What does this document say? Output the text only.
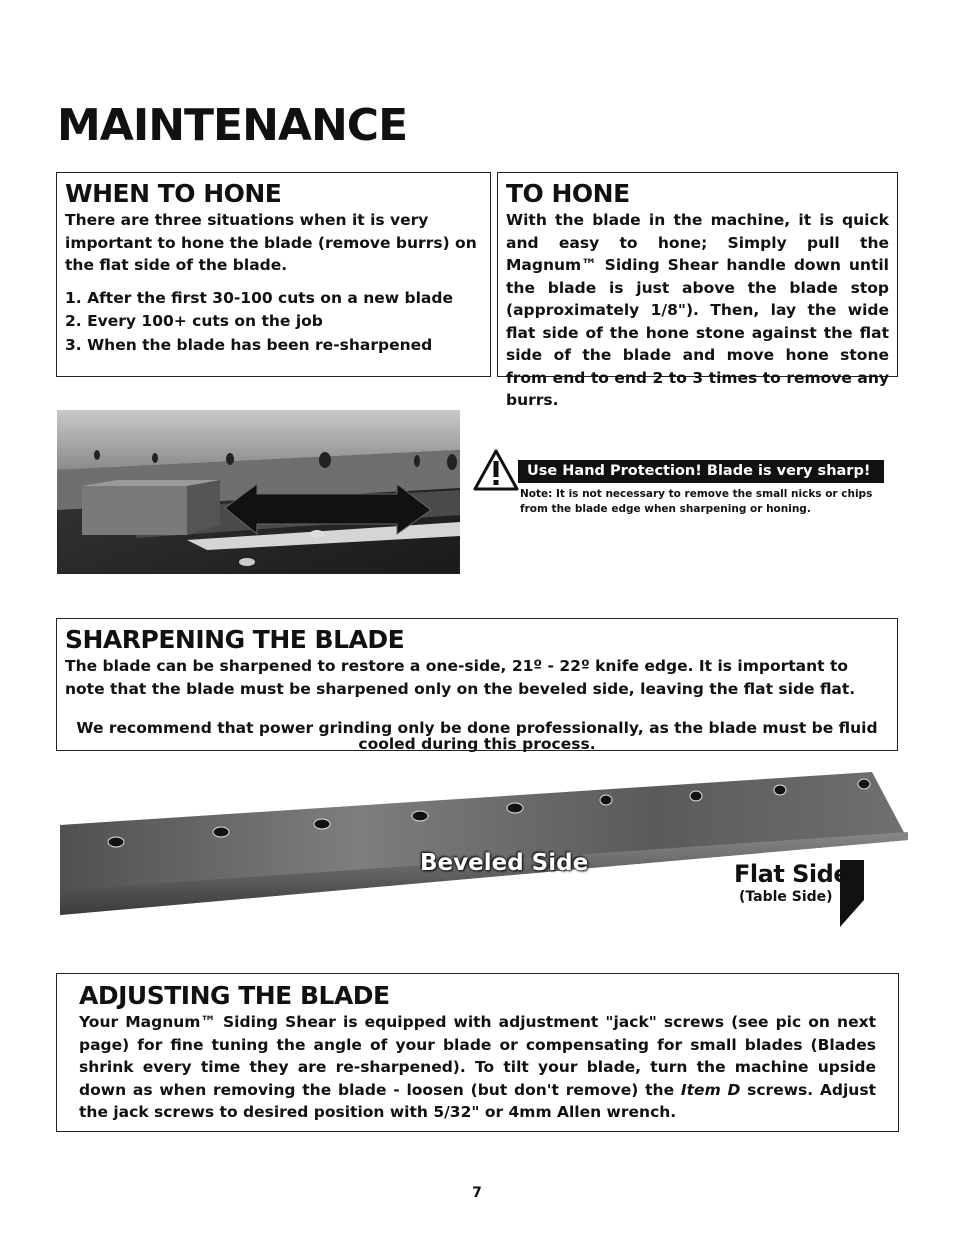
MAINTENANCE
WHEN TO HONE

There are three situations when it is very important to hone the blade (remove burrs) on the flat side of the blade.

1. After the first 30-100 cuts on a new blade
2. Every 100+ cuts on the job
3. When the blade has been re-sharpened
TO HONE

With the blade in the machine, it is quick and easy to hone; Simply pull the Magnum™ Siding Shear handle down until the blade is just above the blade stop (approximately 1/8"). Then, lay the wide flat side of the hone stone against the flat side of the blade and move hone stone from end to end 2 to 3 times to remove any burrs.

Use Hand Protection! Blade is very sharp!
Note: It is not necessary to remove the small nicks or chips from the blade edge when sharpening or honing.
SHARPENING THE BLADE

The blade can be sharpened to restore a one-side, 21º - 22º knife edge. It is important to note that the blade must be sharpened only on the beveled side, leaving the flat side flat.

We recommend that power grinding only be done professionally, as the blade must be fluid cooled during this process.

Beveled Side	Flat Side
(Table Side)
ADJUSTING THE BLADE

Your Magnum™ Siding Shear is equipped with adjustment "jack" screws (see pic on next page) for fine tuning the angle of your blade or compensating for small blades (Blades shrink every time they are re-sharpened). To tilt your blade, turn the machine upside down as when removing the blade - loosen (but don't remove) the Item D screws. Adjust the jack screws to desired position with 5/32" or 4mm Allen wrench.

7
